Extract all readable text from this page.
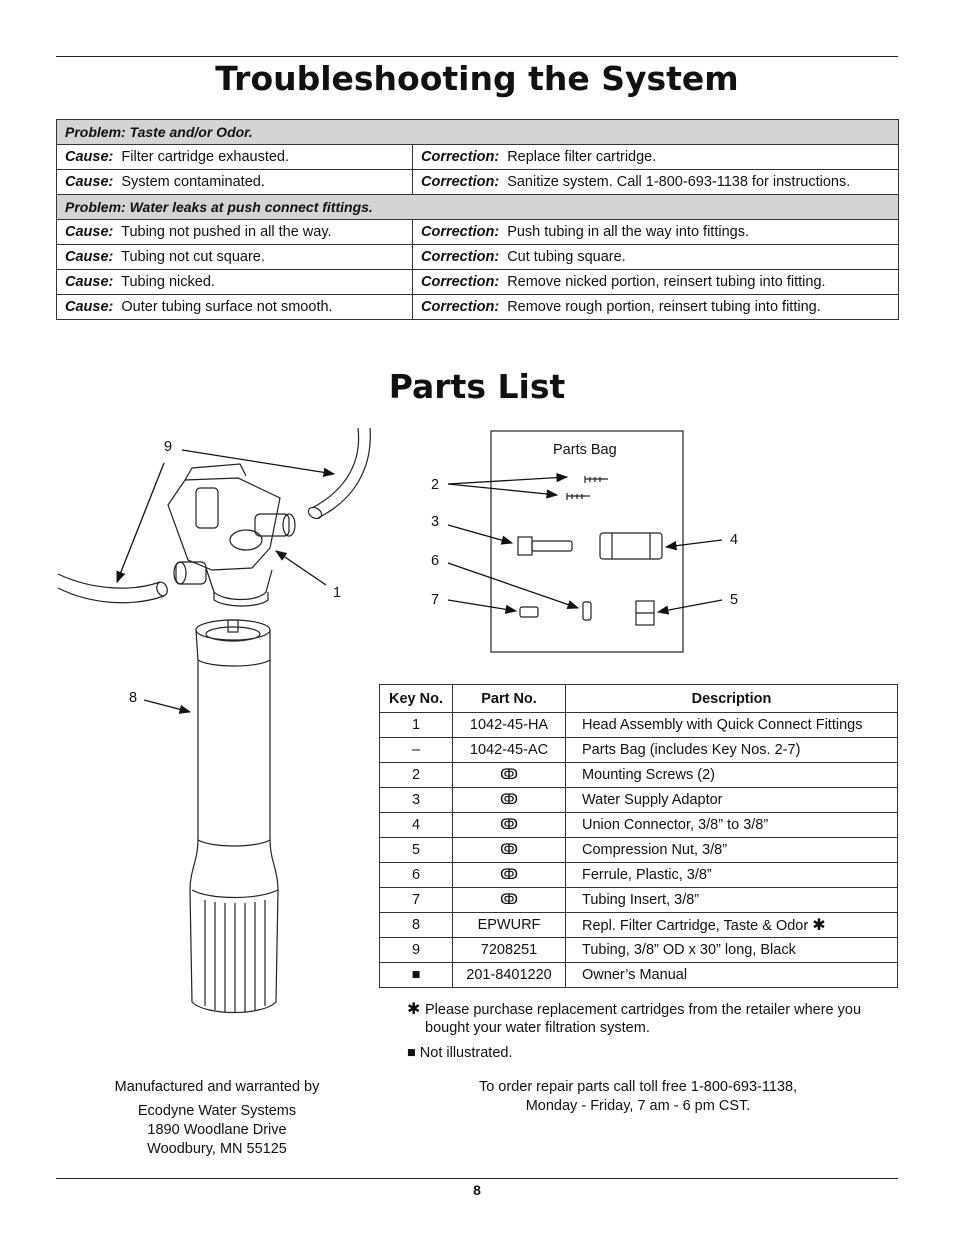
Troubleshooting the System
Problem: Taste and/or Odor.	
Cause: Filter cartridge exhausted.	Correction: Replace filter cartridge.
Cause: System contaminated.	Correction: Sanitize system. Call 1-800-693-1138 for instructions.
Problem: Water leaks at push connect fittings.	
Cause: Tubing not pushed in all the way.	Correction: Push tubing in all the way into fittings.
Cause: Tubing not cut square.	Correction: Cut tubing square.
Cause: Tubing nicked.	Correction: Remove nicked portion, reinsert tubing into fitting.
Cause: Outer tubing surface not smooth.	Correction: Remove rough portion, reinsert tubing into fitting.
Parts List
9
1
8
2
3
6
7
4
5
Parts Bag
Key No.	Part No.	Description
1	1042-45-HA	Head Assembly with Quick Connect Fittings
–	1042-45-AC	Parts Bag (includes Key Nos. 2-7)
2	ↂ	Mounting Screws (2)
3	ↂ	Water Supply Adaptor
4	ↂ	Union Connector, 3/8” to 3/8”
5	ↂ	Compression Nut, 3/8”
6	ↂ	Ferrule, Plastic, 3/8”
7	ↂ	Tubing Insert, 3/8”
8	EPWURF	Repl. Filter Cartridge, Taste & Odor ✱
9	7208251	Tubing, 3/8” OD x 30” long, Black
■	201-8401220	Owner’s Manual
✱ Please purchase replacement cartridges from the retailer where you bought your water filtration system.
■ Not illustrated.
Manufactured and warranted by
Ecodyne Water Systems
1890 Woodlane Drive
Woodbury, MN 55125
To order repair parts call toll free 1-800-693-1138,
Monday - Friday, 7 am - 6 pm CST.
8
